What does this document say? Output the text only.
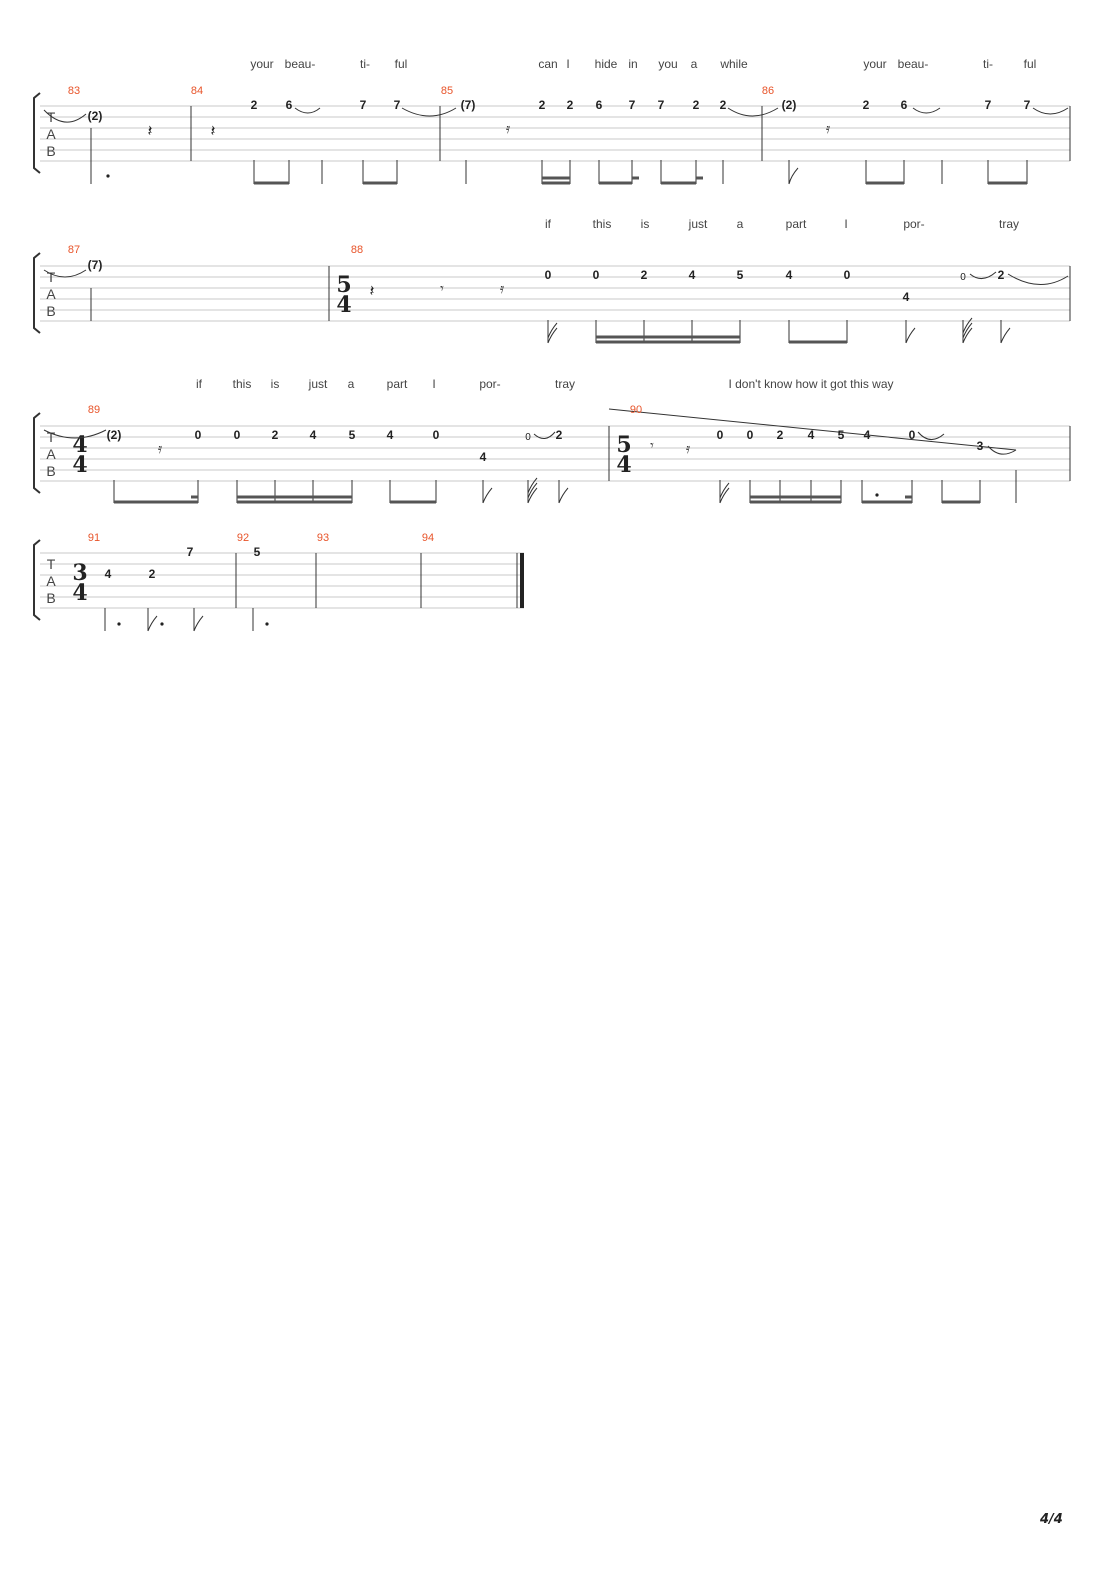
your beau-	ti- ful	can I hide in you a while	your beau-	ti-	ful
T
A
B
83	84	85	86
(2)
2 6	7 7	(7)	2 2 6 7 7 2 2	(2)	2	6	7	7
𝄽	𝄽	𝄿	𝄿
if	this is	just a	part	I	por-	tray
T
A
B
87	88
5
4
(7)
0	0	2	4	5	4	0
4
0	2
𝄽	𝄾	𝄿
if	this is just a	part I	por-	tray	I don't know how it got this way
T
A
B
89	90
4
4
5
4
(2)	0	0	2	4	5	4	0
4
0 2	0 0 2 4 5 4	0
3
𝄿	𝄾 𝄿
T
A
B
91	92	93	94
3
4
4	2
7	5
4/4
